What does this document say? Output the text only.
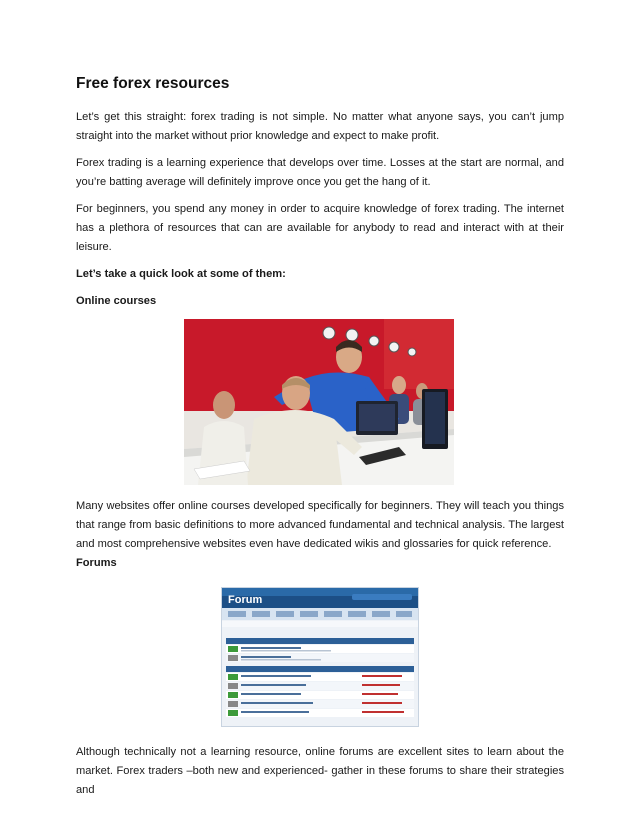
Free forex resources

Let’s get this straight: forex trading is not simple. No matter what anyone says, you can’t jump straight into the market without prior knowledge and expect to make profit.

Forex trading is a learning experience that develops over time. Losses at the start are normal, and you’re batting average will definitely improve once you get the hang of it.

For beginners, you spend any money in order to acquire knowledge of forex trading. The internet has a plethora of resources that can are available for anybody to read and interact with at their leisure.

Let’s take a quick look at some of them:

Online courses

Many websites offer online courses developed specifically for beginners. They will teach you things that range from basic definitions to more advanced fundamental and technical analysis. The largest and most comprehensive websites even have dedicated wikis and glossaries for quick reference.

Forums

Forum

Although technically not a learning resource, online forums are excellent sites to learn about the market. Forex traders –both new and experienced- gather in these forums to share their strategies and
